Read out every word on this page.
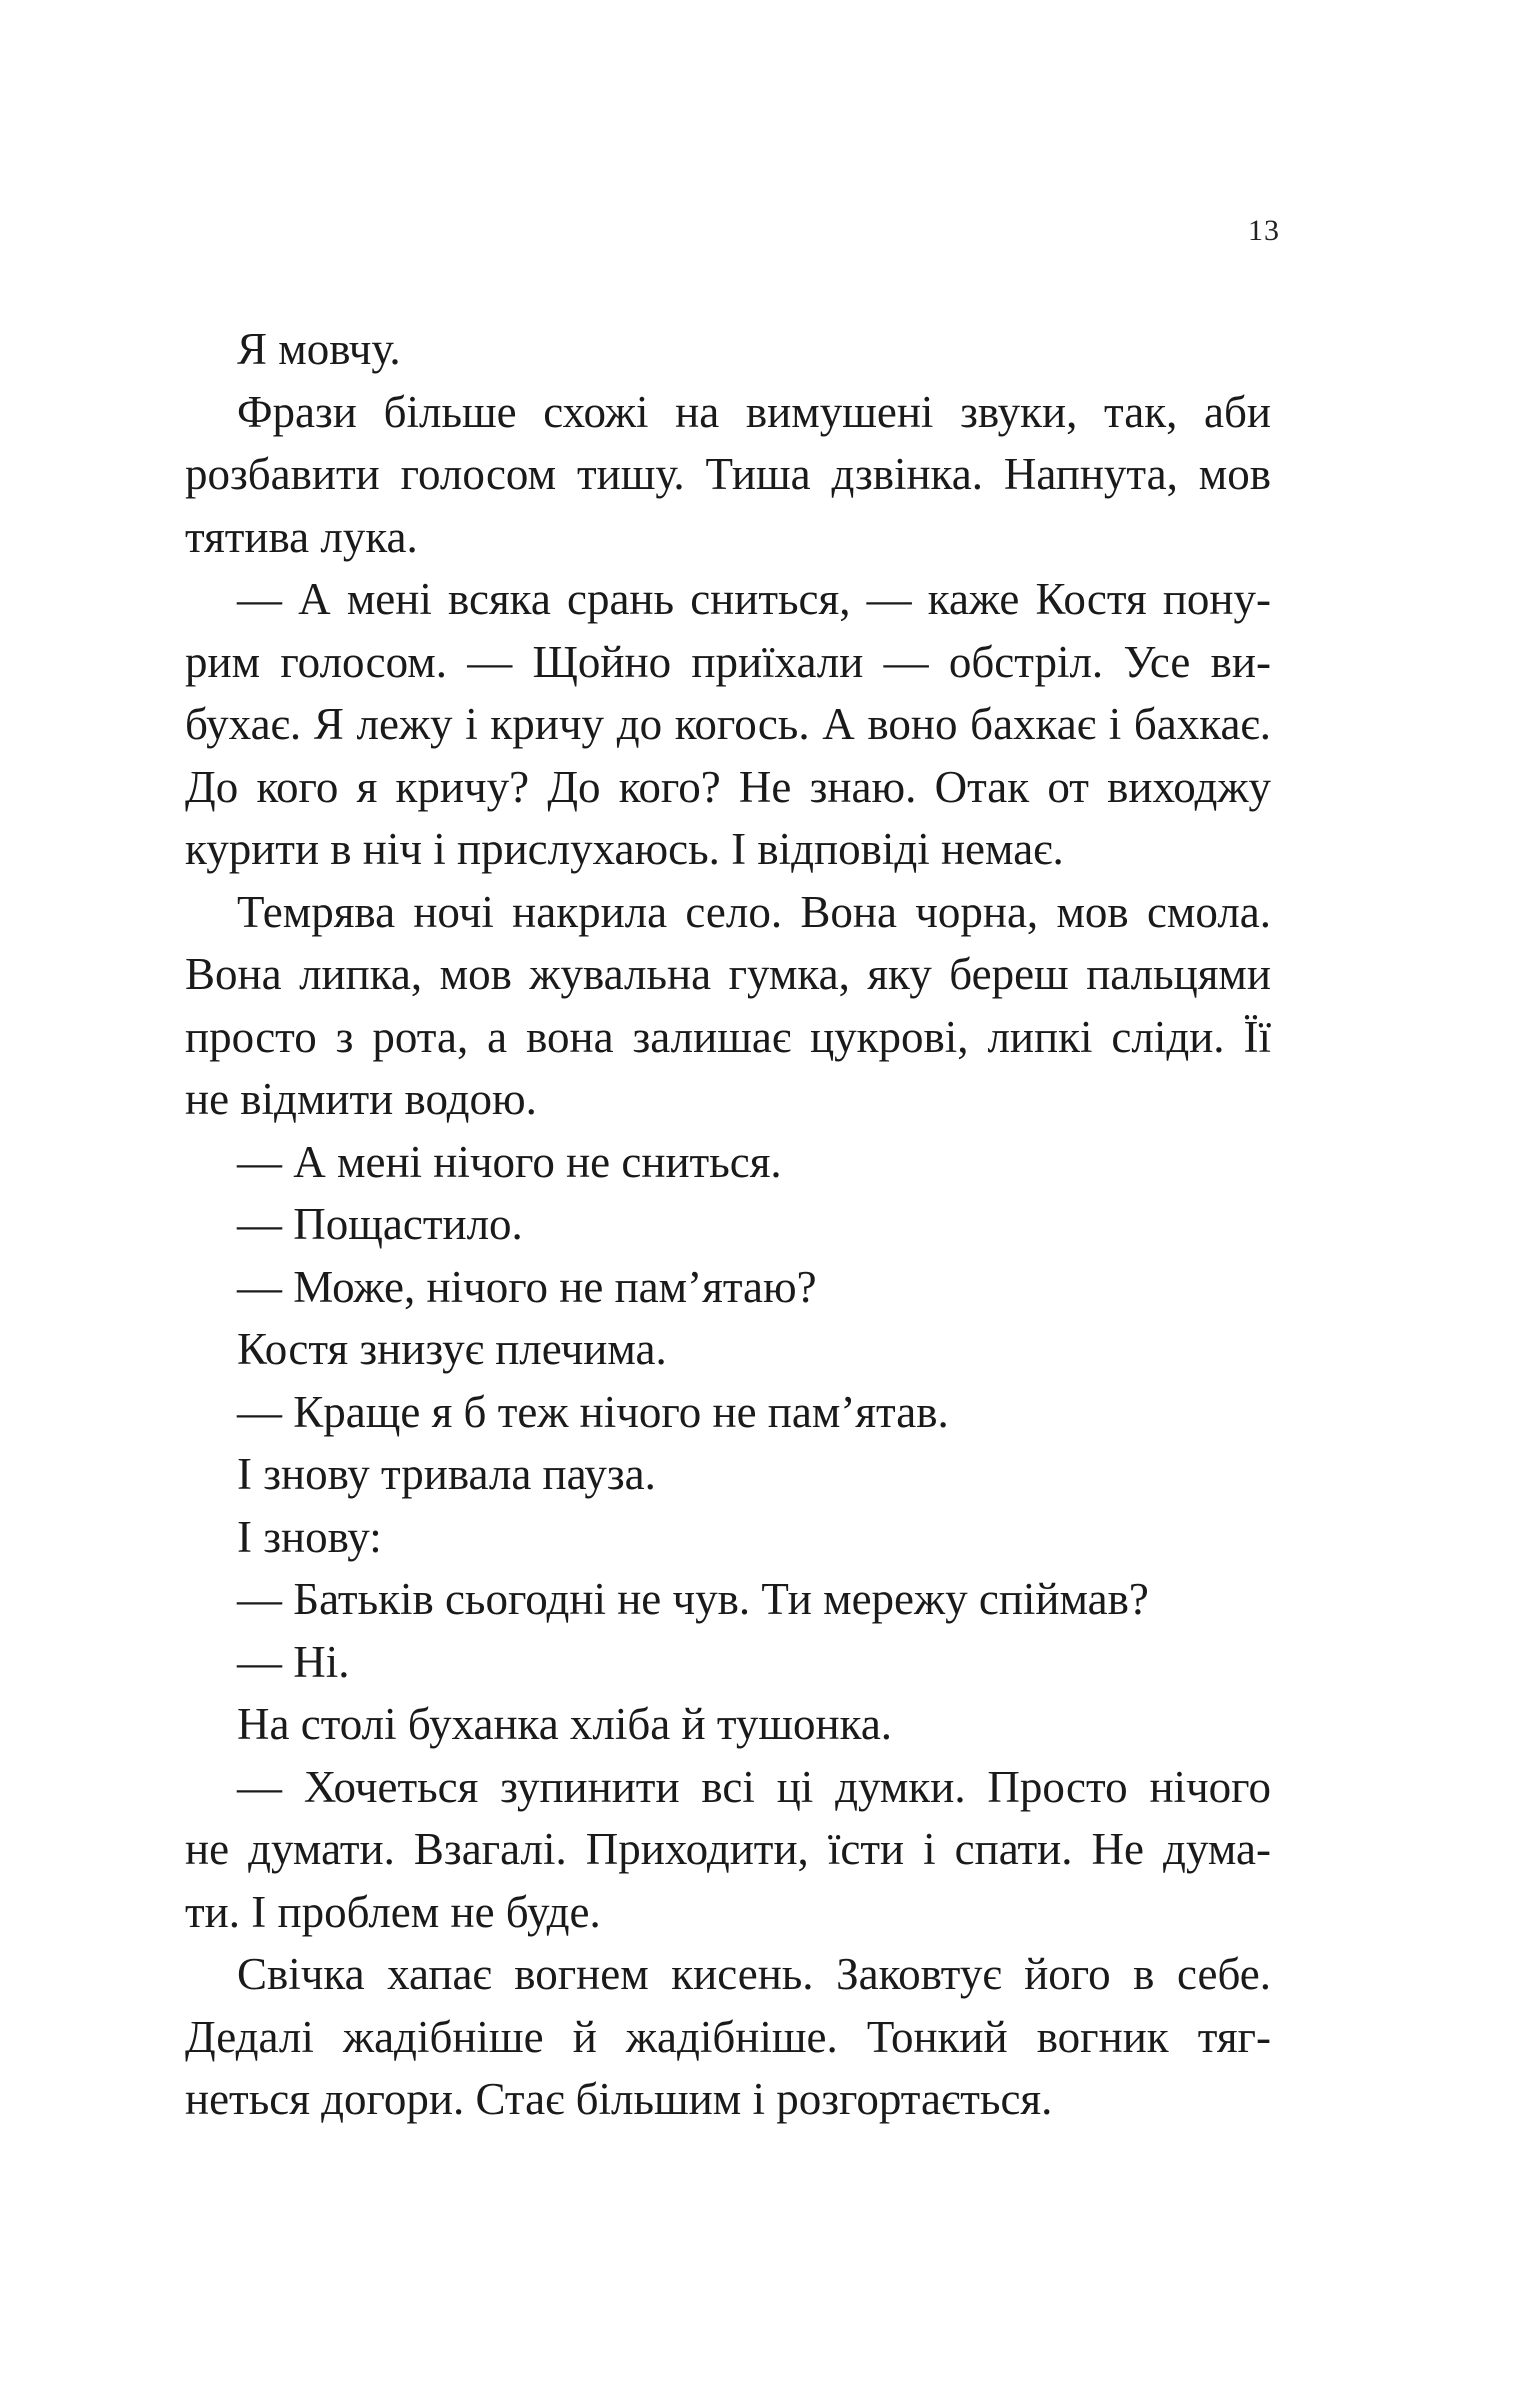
13
Я мовчу.
Фрази більше схожі на вимушені звуки, так, аби
розбавити голосом тишу. Тиша дзвінка. Напнута, мов
тятива лука.
— А мені всяка срань сниться, — каже Костя пону-
рим голосом. — Щойно приїхали — обстріл. Усе ви-
бухає. Я лежу і кричу до когось. А воно бахкає і бахкає.
До кого я кричу? До кого? Не знаю. Отак от виходжу
курити в ніч і прислухаюсь. І відповіді немає.
Темрява ночі накрила село. Вона чорна, мов смола.
Вона липка, мов жувальна гумка, яку береш пальцями
просто з рота, а вона залишає цукрові, липкі сліди. Її
не відмити водою.
— А мені нічого не сниться.
— Пощастило.
— Може, нічого не пам’ятаю?
Костя знизує плечима.
— Краще я б теж нічого не пам’ятав.
І знову тривала пауза.
І знову:
— Батьків сьогодні не чув. Ти мережу спіймав?
— Ні.
На столі буханка хліба й тушонка.
— Хочеться зупинити всі ці думки. Просто нічого
не думати. Взагалі. Приходити, їсти і спати. Не дума-
ти. І проблем не буде.
Свічка хапає вогнем кисень. Заковтує його в себе.
Дедалі жадібніше й жадібніше. Тонкий вогник тяг-
неться догори. Стає більшим і розгортається.
